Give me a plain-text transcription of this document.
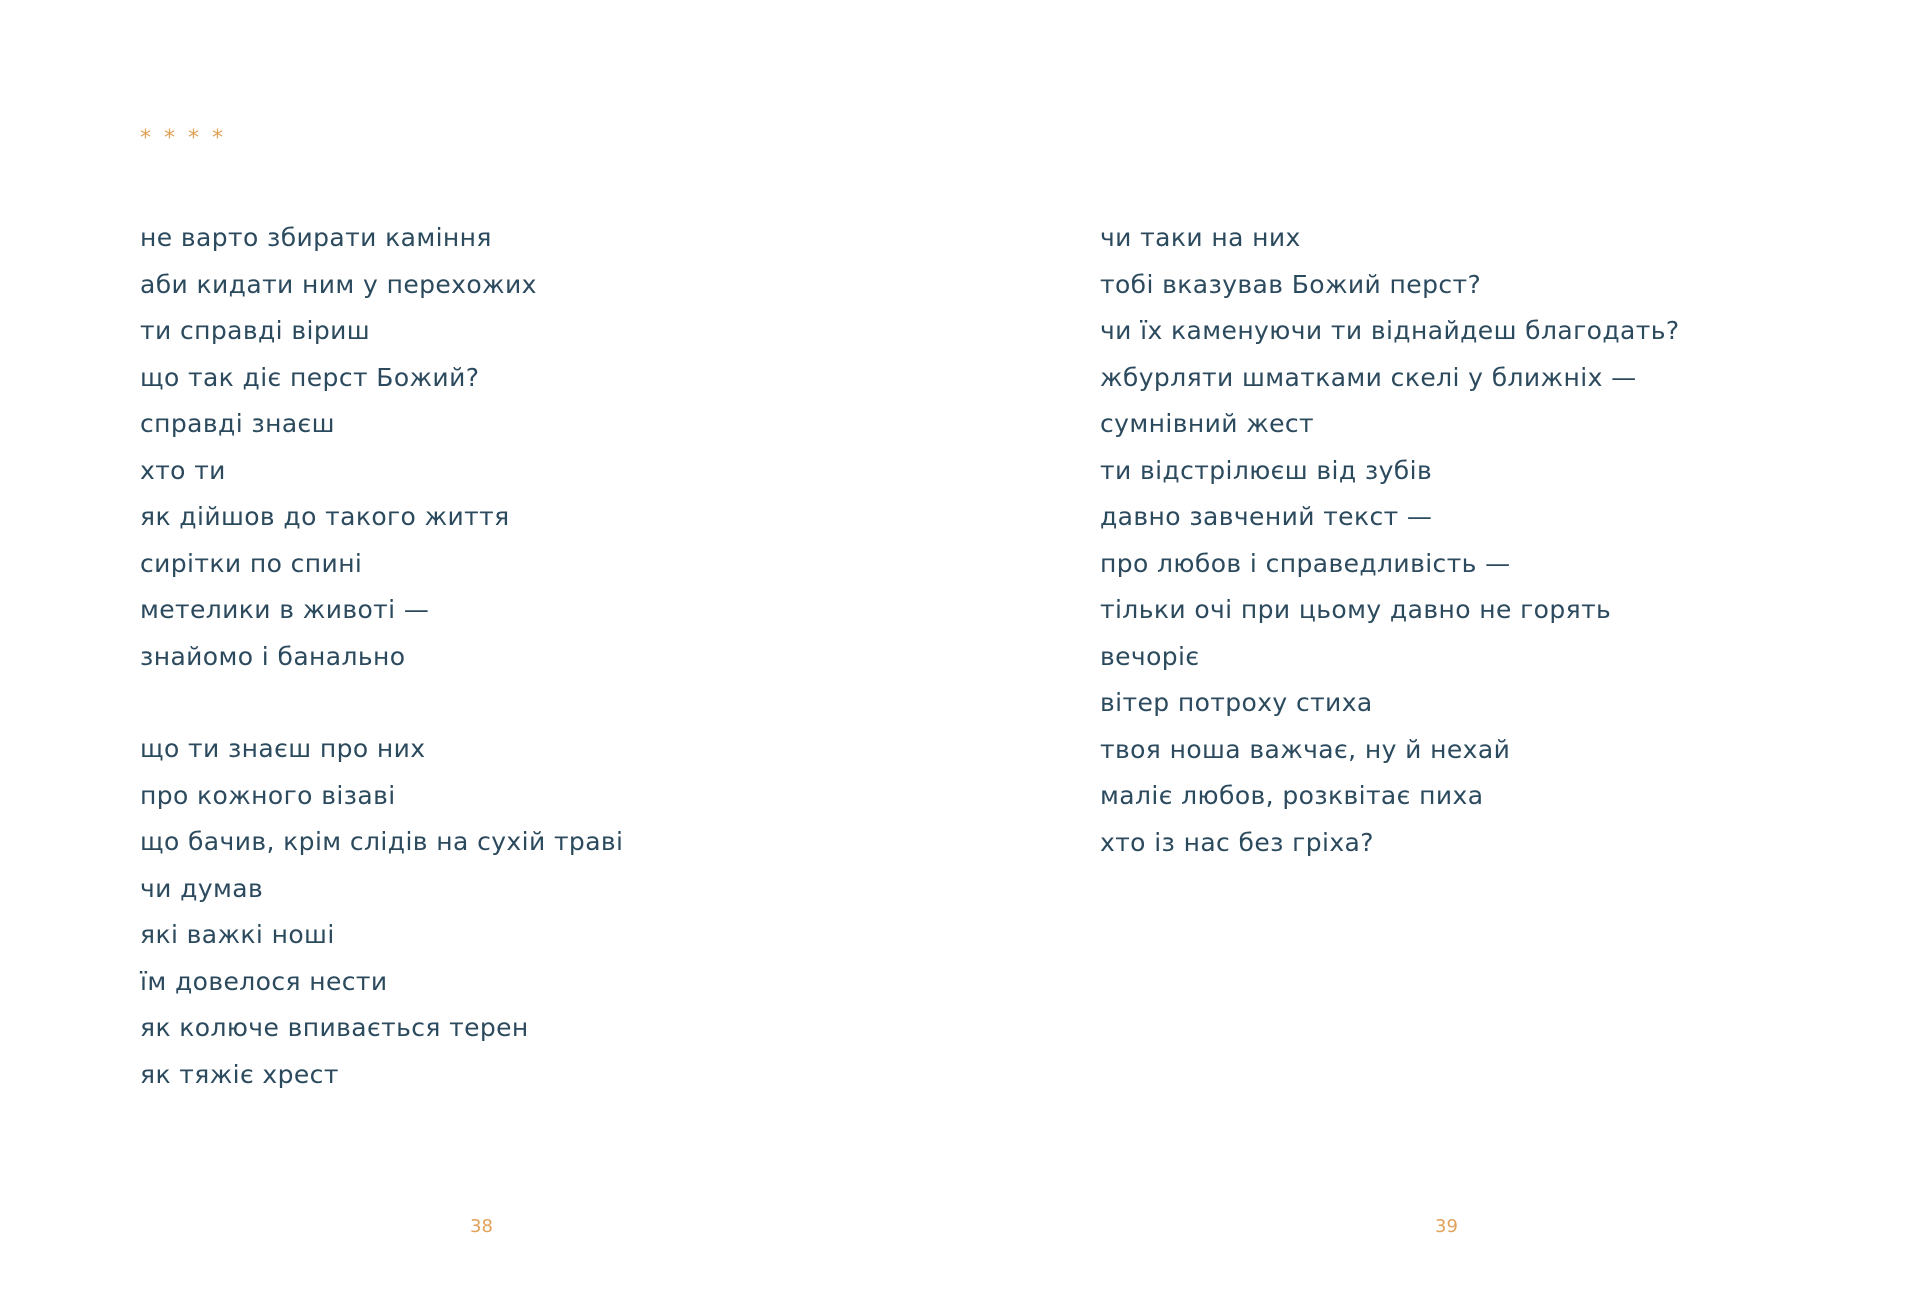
* * * *
не варто збирати каміння
аби кидати ним у перехожих
ти справді віриш
що так діє перст Божий?
справді знаєш
хто ти
як дійшов до такого життя
сирітки по спині
метелики в животі —
знайомо і банально
що ти знаєш про них
про кожного візаві
що бачив, крім слідів на сухій траві
чи думав
які важкі ноші
їм довелося нести
як колюче впивається терен
як тяжіє хрест
38
чи таки на них
тобі вказував Божий перст?
чи їх каменуючи ти віднайдеш благодать?
жбурляти шматками скелі у ближніх —
сумнівний жест
ти відстрілюєш від зубів
давно завчений текст —
про любов і справедливість —
тільки очі при цьому давно не горять
вечоріє
вітер потроху стиха
твоя ноша важчає, ну й нехай
маліє любов, розквітає пиха
хто із нас без гріха?
39
